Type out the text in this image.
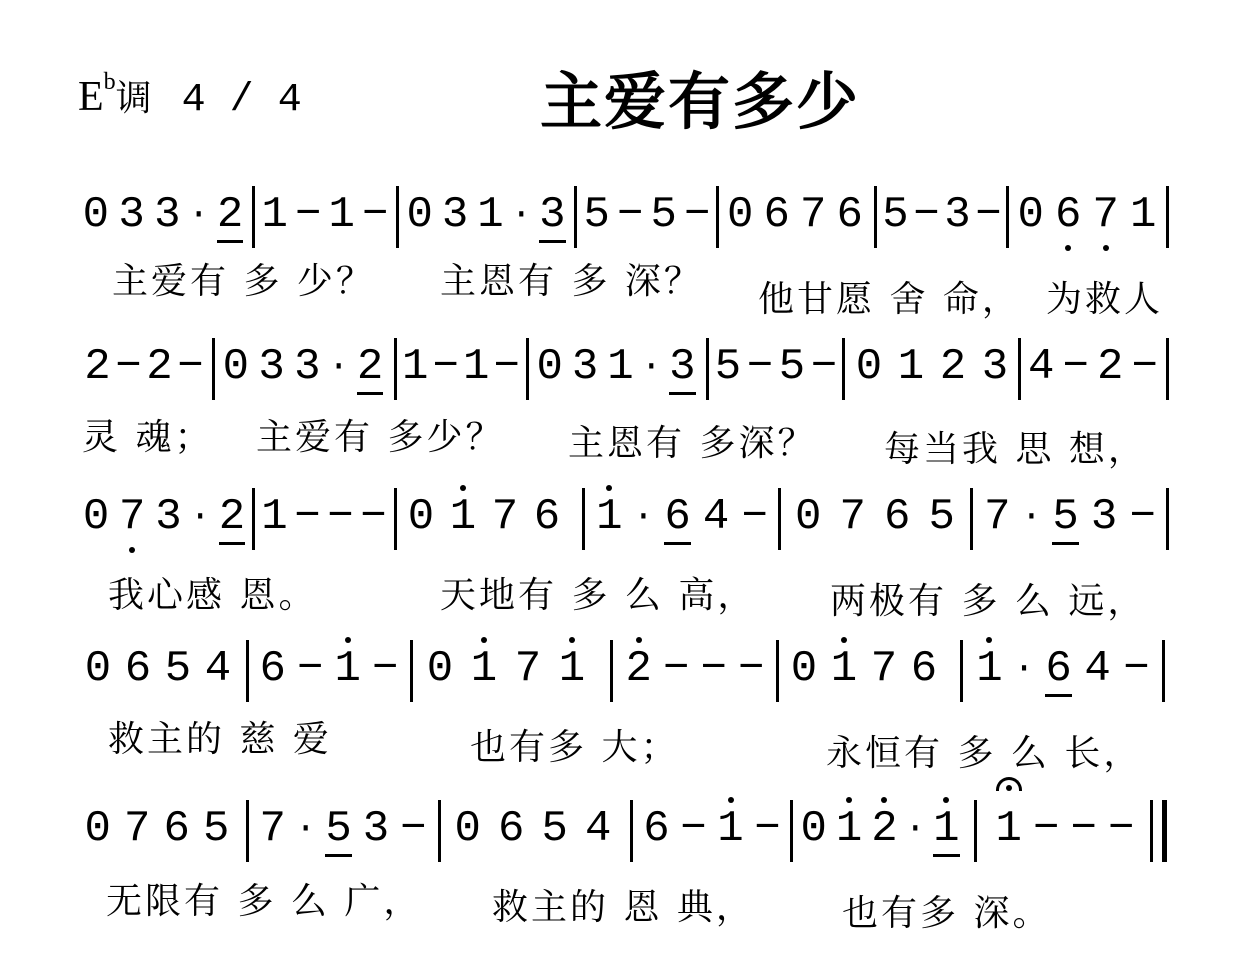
$E^b$调 4 / 4	主爱有多少
0 3 3 · 2 1 − 1 − 0 3 1 · 3 5 − 5 − 0 6 7 6 5 − 3 − 0 6 7 1
主爱有 多 少？ 主恩有 多 深？ 他甘愿 舍 命， 为救人
2 − 2 − 0 3 3 · 2 1 − 1 − 0 3 1 · 3 5 − 5 − 0 1 2 3 4 − 2 −
灵 魂； 主爱有 多少？ 主恩有 多深？ 每当我 思 想，
0 7 3 · 2 1 − − − 0 1 7 6 1 · 6 4 − 0 7 6 5 7 · 5 3 −
我心感 恩。	天地有 多 么 高， 两极有 多 么 远，
0 6 5 4 6 − 1 − 0 1 7 1 2 − − − 0 1 7 6 1 · 6 4 −
救主的 慈 爱	也有多 大；	永恒有 多 么 长，
0 7 6 5 7 · 5 3 − 0 6 5 4 6 − 1 − 0 1 2 · 1 1 − − −
无限有 多 么 广， 救主的 恩 典， 也有多 深。
